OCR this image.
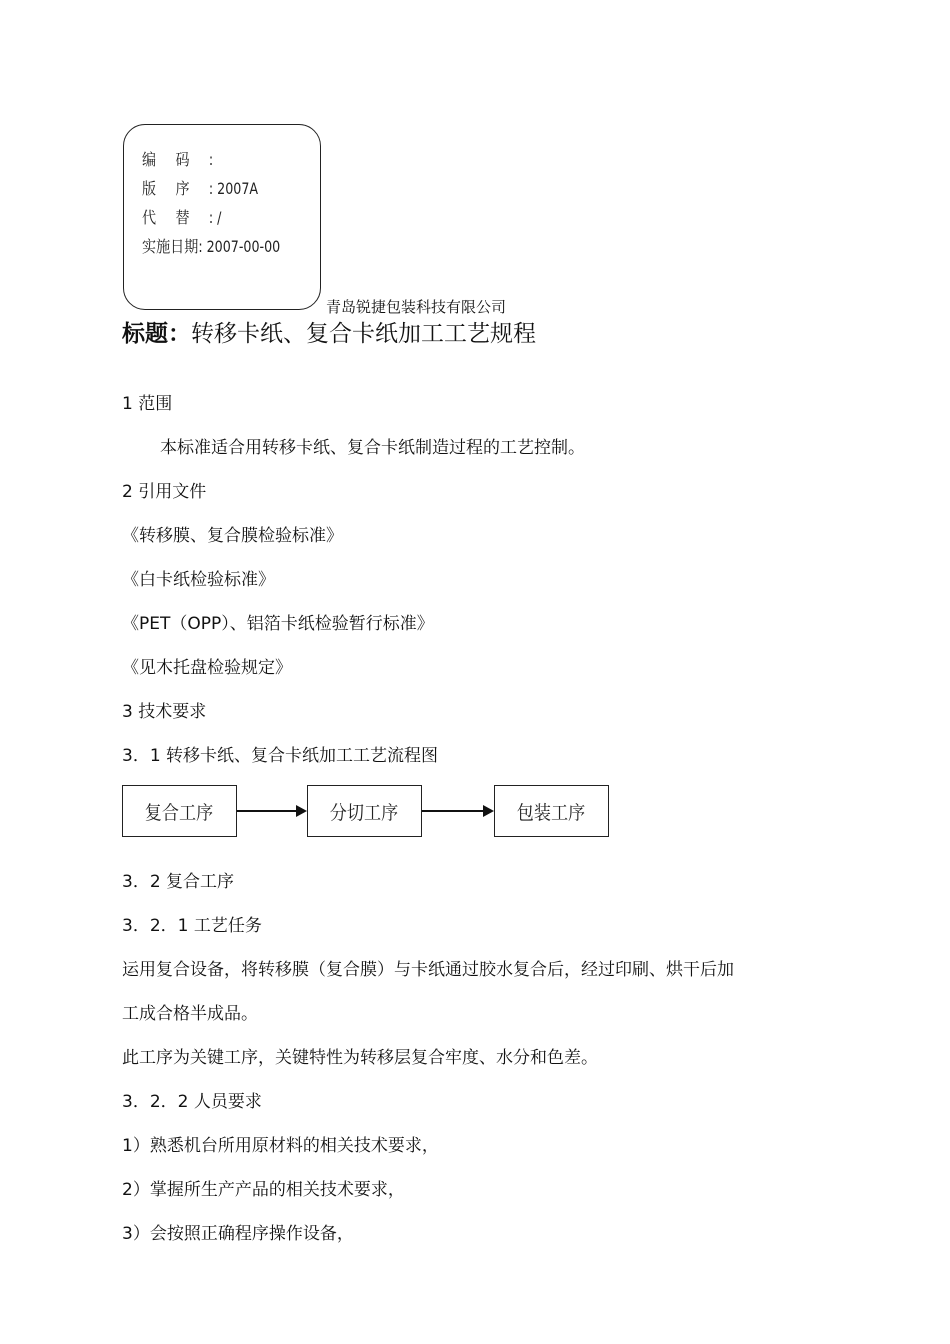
编码:
版序: 2007A
代替: /
实施日期: 2007-00-00
青岛锐捷包装科技有限公司
标题：转移卡纸、复合卡纸加工工艺规程
1 范围
本标准适合用转移卡纸、复合卡纸制造过程的工艺控制。
2 引用文件
《转移膜、复合膜检验标准》
《白卡纸检验标准》
《PET（OPP）、铝箔卡纸检验暂行标准》
《见木托盘检验规定》
3 技术要求
3．1 转移卡纸、复合卡纸加工工艺流程图
复合工序	分切工序	包装工序
3．2 复合工序
3．2．1 工艺任务
运用复合设备，将转移膜（复合膜）与卡纸通过胶水复合后，经过印刷、烘干后加
工成合格半成品。
此工序为关键工序，关键特性为转移层复合牢度、水分和色差。
3．2．2 人员要求
1）熟悉机台所用原材料的相关技术要求，
2）掌握所生产产品的相关技术要求，
3）会按照正确程序操作设备，
